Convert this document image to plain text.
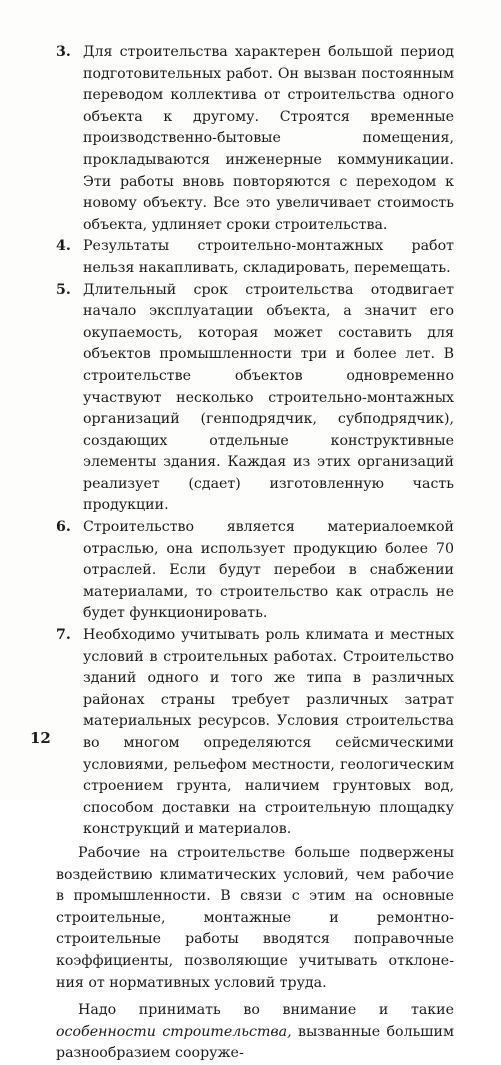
3. Для строительства характерен большой период подготовительных работ. Он вызван постоянным переводом коллектива от строительства одного объекта к другому. Строятся временные производственно-бытовые помещения, прокладываются инженерные коммуникации. Эти работы вновь повторяются с переходом к новому объекту. Все это увеличивает стоимость объекта, удлиняет сроки строительства.
4. Результаты строительно-монтажных работ нельзя накапливать, складировать, перемещать.
5. Длительный срок строительства отодвигает начало эксплуатации объекта, а значит его окупаемость, которая может составить для объектов промышленности три и более лет. В строительстве объектов одновременно участвуют несколько строительно-монтажных организаций (генподрядчик, субподрядчик), создающих отдельные конструктивные элементы здания. Каждая из этих организаций реализует (сдает) изготовленную часть продукции.
6. Строительство является материалоемкой отраслью, она использует продукцию более 70 отраслей. Если будут перебои в снабжении материалами, то строительство как отрасль не будет функционировать.
7. Необходимо учитывать роль климата и местных условий в строительных работах. Строительство зданий одного и того же типа в различных районах страны требует различных затрат материальных ресурсов. Условия строительства во многом определяются сейсмическими условиями, рельефом местности, геологическим строением грунта, наличием грунтовых вод, способом доставки на строительную площадку конструкций и материалов.

Рабочие на строительстве больше подвержены воздействию климатических условий, чем рабочие в промышленности. В связи с этим на основные строительные, монтажные и ремонтно-строительные работы вводятся поправочные коэффициенты, позволяющие учитывать отклонения от нормативных условий труда.

Надо принимать во внимание и такие особенности строительства, вызванные большим разнообразием сооруже-

12
